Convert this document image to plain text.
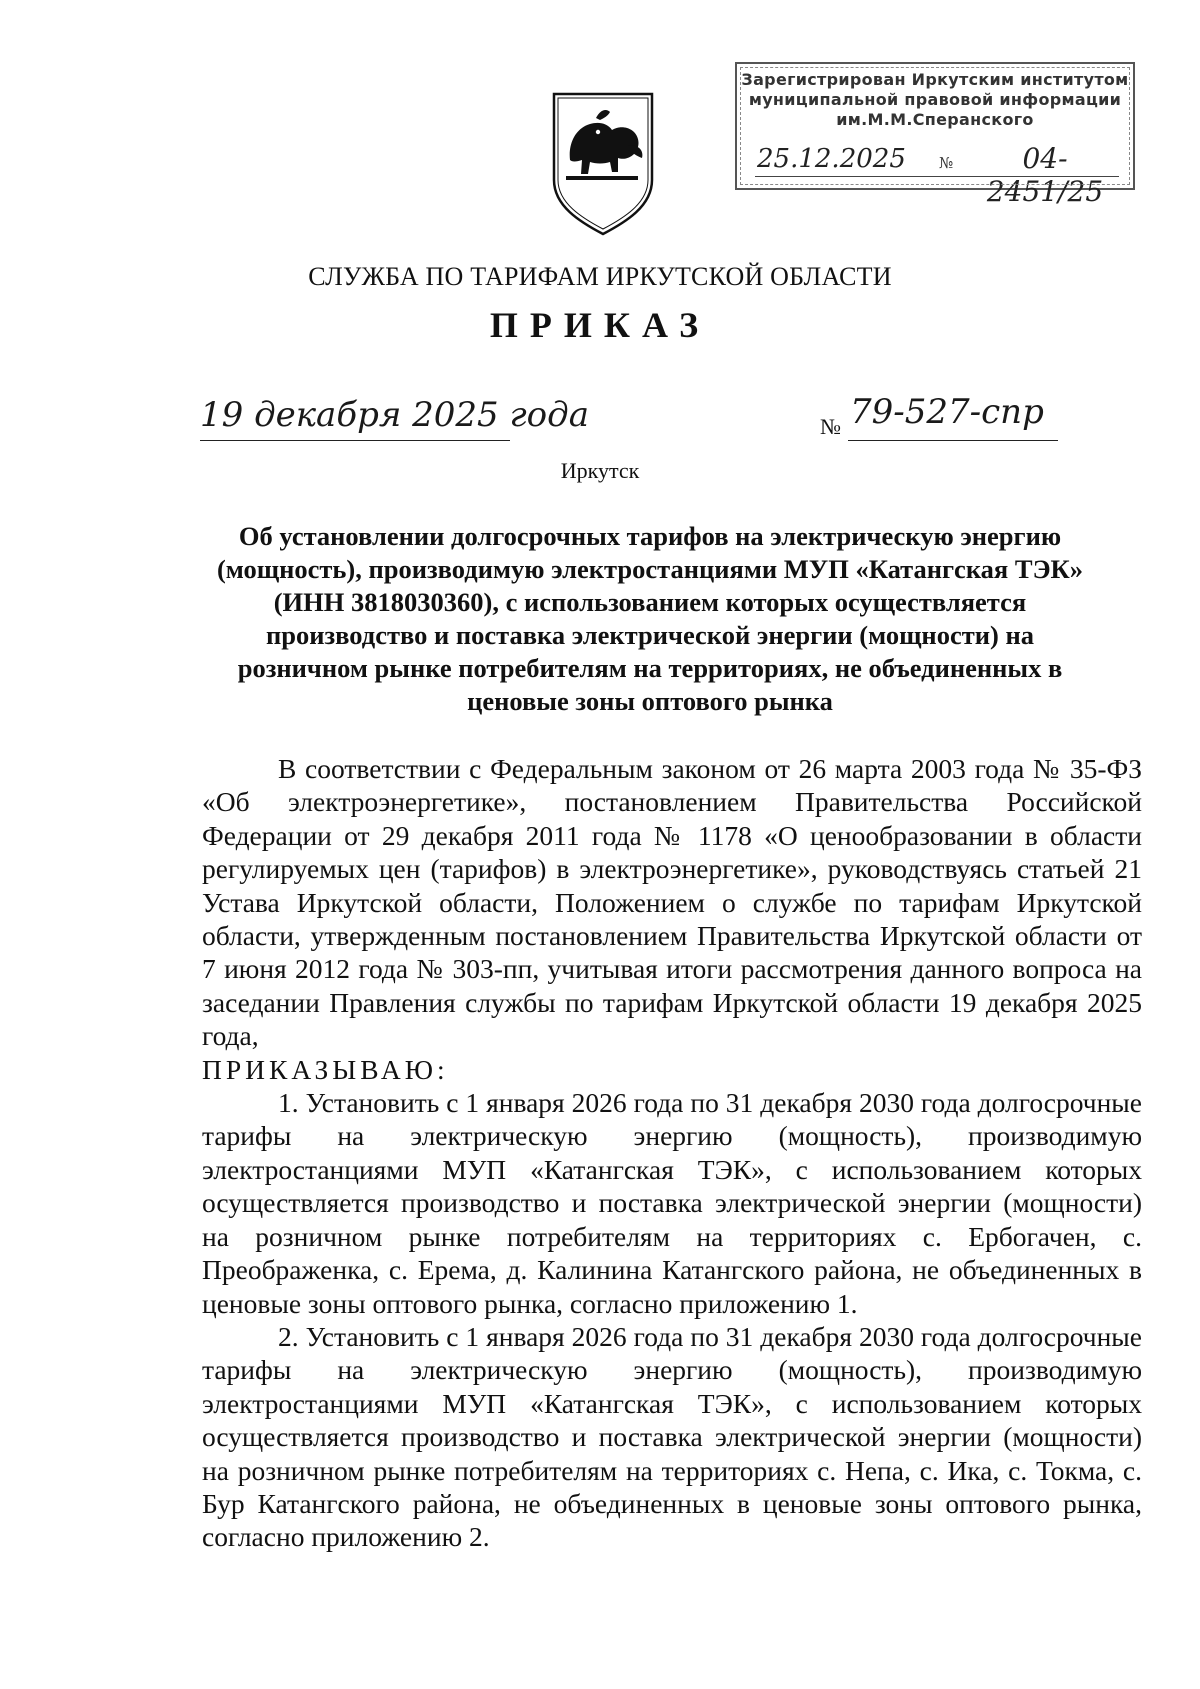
Зарегистрирован Иркутским институтом
муниципальной правовой информации
им.М.М.Сперанского
25.12.2025 №	04-2451/25
СЛУЖБА ПО ТАРИФАМ ИРКУТСКОЙ ОБЛАСТИ
ПРИКАЗ
19 декабря 2025 года	№ 79-527-спр
Иркутск
Об установлении долгосрочных тарифов на электрическую энергию (мощность), производимую электростанциями МУП «Катангская ТЭК» (ИНН 3818030360), с использованием которых осуществляется производство и поставка электрической энергии (мощности) на розничном рынке потребителям на территориях, не объединенных в ценовые зоны оптового рынка

В соответствии с Федеральным законом от 26 марта 2003 года № 35-ФЗ «Об электроэнергетике», постановлением Правительства Российской Федерации от 29 декабря 2011 года № 1178 «О ценообразовании в области регулируемых цен (тарифов) в электроэнергетике», руководствуясь статьей 21 Устава Иркутской области, Положением о службе по тарифам Иркутской области, утвержденным постановлением Правительства Иркутской области от 7 июня 2012 года № 303-пп, учитывая итоги рассмотрения данного вопроса на заседании Правления службы по тарифам Иркутской области 19 декабря 2025 года,

ПРИКАЗЫВАЮ:

1. Установить с 1 января 2026 года по 31 декабря 2030 года долгосрочные тарифы на электрическую энергию (мощность), производимую электростанциями МУП «Катангская ТЭК», с использованием которых осуществляется производство и поставка электрической энергии (мощности) на розничном рынке потребителям на территориях с. Ербогачен, с. Преображенка, с. Ерема, д. Калинина Катангского района, не объединенных в ценовые зоны оптового рынка, согласно приложению 1.

2. Установить с 1 января 2026 года по 31 декабря 2030 года долгосрочные тарифы на электрическую энергию (мощность), производимую электростанциями МУП «Катангская ТЭК», с использованием которых осуществляется производство и поставка электрической энергии (мощности) на розничном рынке потребителям на территориях с. Непа, с. Ика, с. Токма, с. Бур Катангского района, не объединенных в ценовые зоны оптового рынка, согласно приложению 2.
